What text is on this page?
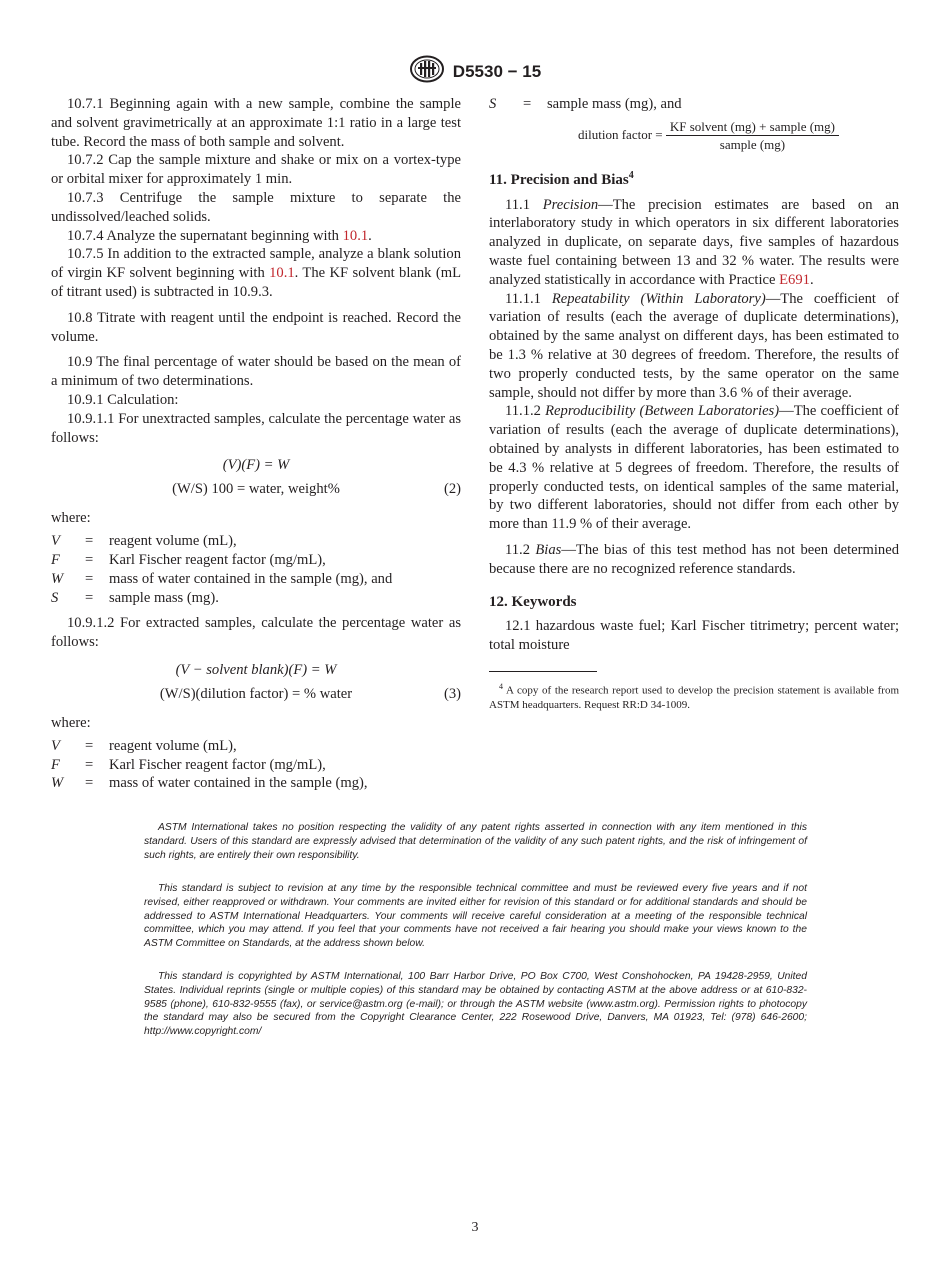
D5530 − 15

10.7.1 Beginning again with a new sample, combine the sample and solvent gravimetrically at an approximate 1:1 ratio in a large test tube. Record the mass of both sample and solvent.

10.7.2 Cap the sample mixture and shake or mix on a vortex-type or orbital mixer for approximately 1 min.

10.7.3 Centrifuge the sample mixture to separate the undissolved/leached solids.

10.7.4 Analyze the supernatant beginning with 10.1.

10.7.5 In addition to the extracted sample, analyze a blank solution of virgin KF solvent beginning with 10.1. The KF solvent blank (mL of titrant used) is subtracted in 10.9.3.

10.8 Titrate with reagent until the endpoint is reached. Record the volume.

10.9 The final percentage of water should be based on the mean of a minimum of two determinations.

10.9.1 Calculation:

10.9.1.1 For unextracted samples, calculate the percentage water as follows:

(V)(F) = W
(W/S) 100 = water, weight%	(2)
where:
V	=	reagent volume (mL),
F	=	Karl Fischer reagent factor (mg/mL),
W	=	mass of water contained in the sample (mg), and
S	=	sample mass (mg).

10.9.1.2 For extracted samples, calculate the percentage water as follows:

(V − solvent blank)(F) = W
(W/S)(dilution factor) = % water	(3)
where:
V	=	reagent volume (mL),
F	=	Karl Fischer reagent factor (mg/mL),
W	=	mass of water contained in the sample (mg),
S	=	sample mass (mg), and
dilution factor = $\frac{\text{KF solvent (mg) + sample (mg)}}{\text{sample (mg)}}$
11. Precision and Bias$^4$

11.1 Precision—The precision estimates are based on an interlaboratory study in which operators in six different laboratories analyzed in duplicate, on separate days, five samples of hazardous waste fuel containing between 13 and 32 % water. The results were analyzed statistically in accordance with Practice E691.

11.1.1 Repeatability (Within Laboratory)—The coefficient of variation of results (each the average of duplicate determinations), obtained by the same analyst on different days, has been estimated to be 1.3 % relative at 30 degrees of freedom. Therefore, the results of two properly conducted tests, by the same operator on the same sample, should not differ by more than 3.6 % of their average.

11.1.2 Reproducibility (Between Laboratories)—The coefficient of variation of results (each the average of duplicate determinations), obtained by analysts in different laboratories, has been estimated to be 4.3 % relative at 5 degrees of freedom. Therefore, the results of properly conducted tests, on identical samples of the same material, by two different laboratories, should not differ from each other by more than 11.9 % of their average.

11.2 Bias—The bias of this test method has not been determined because there are no recognized reference standards.

12. Keywords

12.1 hazardous waste fuel; Karl Fischer titrimetry; percent water; total moisture

$^4$ A copy of the research report used to develop the precision statement is available from ASTM headquarters. Request RR:D 34-1009.
ASTM International takes no position respecting the validity of any patent rights asserted in connection with any item mentioned in this standard. Users of this standard are expressly advised that determination of the validity of any such patent rights, and the risk of infringement of such rights, are entirely their own responsibility.
This standard is subject to revision at any time by the responsible technical committee and must be reviewed every five years and if not revised, either reapproved or withdrawn. Your comments are invited either for revision of this standard or for additional standards and should be addressed to ASTM International Headquarters. Your comments will receive careful consideration at a meeting of the responsible technical committee, which you may attend. If you feel that your comments have not received a fair hearing you should make your views known to the ASTM Committee on Standards, at the address shown below.
This standard is copyrighted by ASTM International, 100 Barr Harbor Drive, PO Box C700, West Conshohocken, PA 19428-2959, United States. Individual reprints (single or multiple copies) of this standard may be obtained by contacting ASTM at the above address or at 610-832-9585 (phone), 610-832-9555 (fax), or service@astm.org (e-mail); or through the ASTM website (www.astm.org). Permission rights to photocopy the standard may also be secured from the Copyright Clearance Center, 222 Rosewood Drive, Danvers, MA 01923, Tel: (978) 646-2600; http://www.copyright.com/
3
